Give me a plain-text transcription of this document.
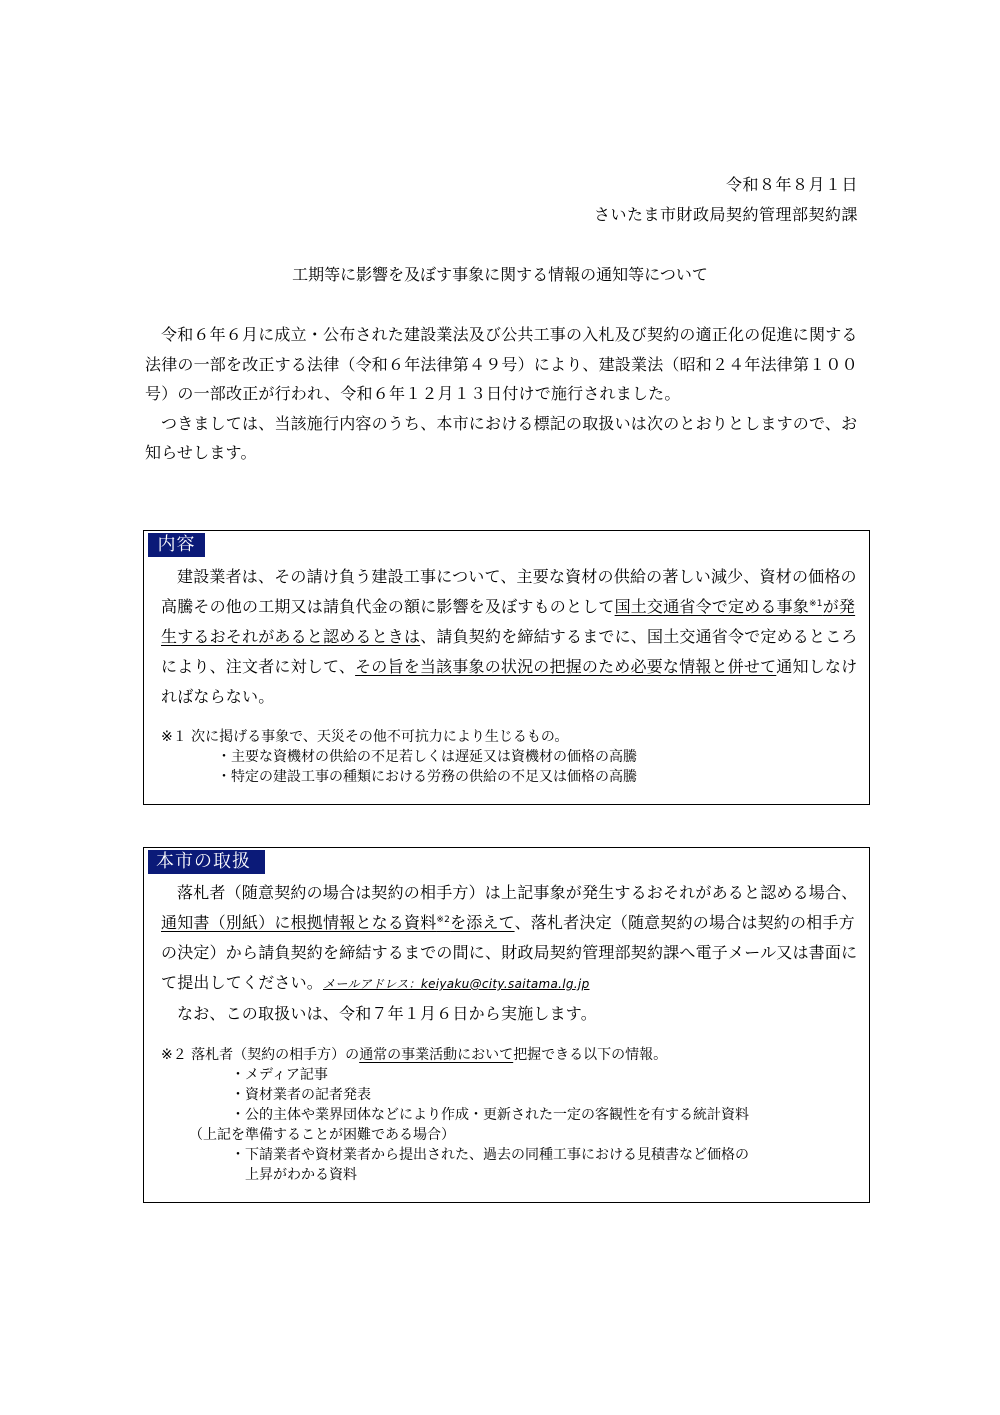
令和８年８月１日
さいたま市財政局契約管理部契約課
工期等に影響を及ぼす事象に関する情報の通知等について
令和６年６月に成立・公布された建設業法及び公共工事の入札及び契約の適正化の促進に関する法律の一部を改正する法律（令和６年法律第４９号）により、建設業法（昭和２４年法律第１００号）の一部改正が行われ、令和６年１２月１３日付けで施行されました。
つきましては、当該施行内容のうち、本市における標記の取扱いは次のとおりとしますので、お知らせします。
内容
建設業者は、その請け負う建設工事について、主要な資材の供給の著しい減少、資材の価格の高騰その他の工期又は請負代金の額に影響を及ぼすものとして国土交通省令で定める事象$^{※1}$が発生するおそれがあると認めるときは、請負契約を締結するまでに、国土交通省令で定めるところにより、注文者に対して、その旨を当該事象の状況の把握のため必要な情報と併せて通知しなければならない。
※１ 次に掲げる事象で、天災その他不可抗力により生じるもの。
・主要な資機材の供給の不足若しくは遅延又は資機材の価格の高騰
・特定の建設工事の種類における労務の供給の不足又は価格の高騰
本市の取扱
落札者（随意契約の場合は契約の相手方）は上記事象が発生するおそれがあると認める場合、通知書（別紙）に根拠情報となる資料$^{※2}$を添えて、落札者決定（随意契約の場合は契約の相手方の決定）から請負契約を締結するまでの間に、財政局契約管理部契約課へ電子メール又は書面にて提出してください。メールアドレス：keiyaku@city.saitama.lg.jp
なお、この取扱いは、令和７年１月６日から実施します。
※２ 落札者（契約の相手方）の通常の事業活動において把握できる以下の情報。
・メディア記事
・資材業者の記者発表
・公的主体や業界団体などにより作成・更新された一定の客観性を有する統計資料
（上記を準備することが困難である場合）
・下請業者や資材業者から提出された、過去の同種工事における見積書など価格の
上昇がわかる資料
